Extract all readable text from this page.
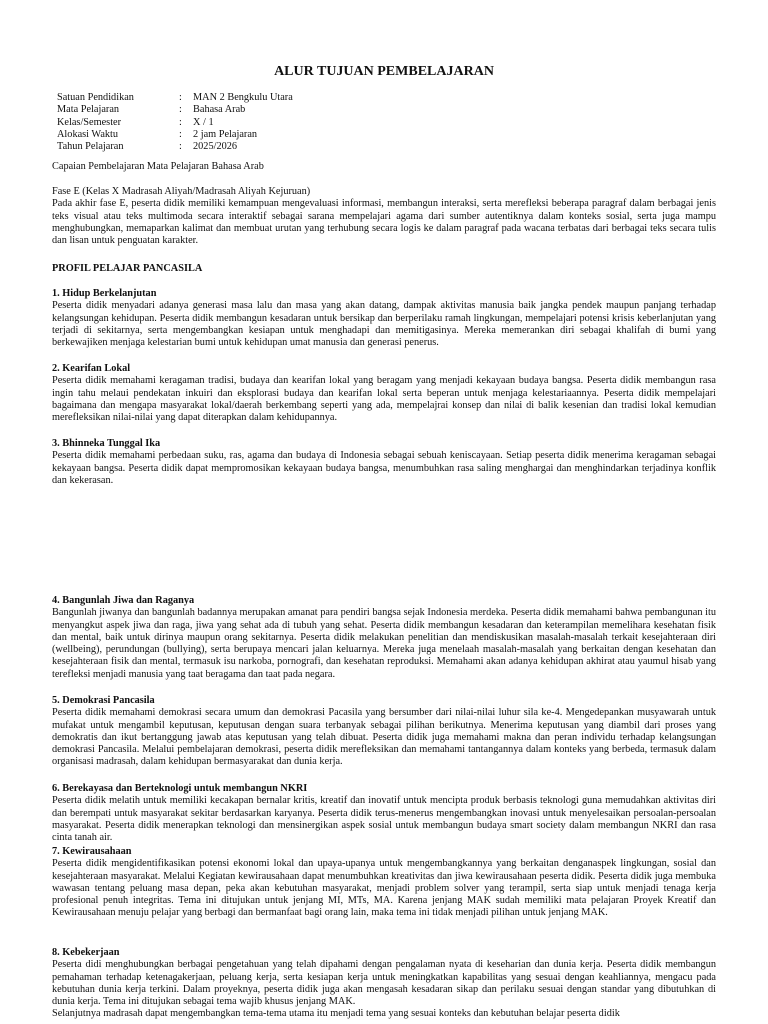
ALUR TUJUAN PEMBELAJARAN
Satuan Pendidikan	: MAN 2 Bengkulu Utara
Mata Pelajaran	: Bahasa Arab
Kelas/Semester	: X / 1
Alokasi Waktu	: 2 jam Pelajaran
Tahun Pelajaran	: 2025/2026
Capaian Pembelajaran Mata Pelajaran Bahasa Arab

Fase E (Kelas X Madrasah Aliyah/Madrasah Aliyah Kejuruan)

Pada akhir fase E, peserta didik memiliki kemampuan mengevaluasi informasi, membangun interaksi, serta merefleksi beberapa paragraf dalam berbagai jenis teks visual atau teks multimoda secara interaktif sebagai sarana mempelajari agama dari sumber autentiknya dalam konteks sosial, serta juga mampu menghubungkan, memaparkan kalimat dan membuat urutan yang terhubung secara logis ke dalam paragraf pada wacana terbatas dari berbagai teks secara tulis dan lisan untuk penguatan karakter.

PROFIL PELAJAR PANCASILA

1. Hidup Berkelanjutan

Peserta didik menyadari adanya generasi masa lalu dan masa yang akan datang, dampak aktivitas manusia baik jangka pendek maupun panjang terhadap kelangsungan kehidupan. Peserta didik membangun kesadaran untuk bersikap dan berperilaku ramah lingkungan, mempelajari potensi krisis keberlanjutan yang terjadi di sekitarnya, serta mengembangkan kesiapan untuk menghadapi dan memitigasinya. Mereka memerankan diri sebagai khalifah di bumi yang berkewajiken menjaga kelestarian bumi untuk kehidupan umat manusia dan generasi penerus.

2. Kearifan Lokal

Peserta didik memahami keragaman tradisi, budaya dan kearifan lokal yang beragam yang menjadi kekayaan budaya bangsa. Peserta didik membangun rasa ingin tahu melaui pendekatan inkuiri dan eksplorasi budaya dan kearifan lokal serta beperan untuk menjaga kelestariaannya. Peserta didik mempelajari bagaimana dan mengapa masyarakat lokal/daerah berkembang seperti yang ada, mempelajrai konsep dan nilai di balik kesenian dan tradisi lokal kemudian merefleksikan nilai-nilai yang dapat diterapkan dalam kehidupannya.

3. Bhinneka Tunggal Ika

Peserta didik memahami perbedaan suku, ras, agama dan budaya di Indonesia sebagai sebuah keniscayaan. Setiap peserta didik menerima keragaman sebagai kekayaan bangsa. Peserta didik dapat mempromosikan kekayaan budaya bangsa, menumbuhkan rasa saling menghargai dan menghindarkan terjadinya konflik dan kekerasan.

4. Bangunlah Jiwa dan Raganya

Bangunlah jiwanya dan bangunlah badannya merupakan amanat para pendiri bangsa sejak Indonesia merdeka. Peserta didik memahami bahwa pembangunan itu menyangkut aspek jiwa dan raga, jiwa yang sehat ada di tubuh yang sehat. Peserta didik membangun kesadaran dan keterampilan memelihara kesehatan fisik dan mental, baik untuk dirinya maupun orang sekitarnya. Peserta didik melakukan penelitian dan mendiskusikan masalah-masalah terkait kesejahteraan diri (wellbeing), perundungan (bullying), serta berupaya mencari jalan keluarnya. Mereka juga menelaah masalah-masalah yang berkaitan dengan kesehatan dan kesejahteraan fisik dan mental, termasuk isu narkoba, pornografi, dan kesehatan reproduksi. Memahami akan adanya kehidupan akhirat atau yaumul hisab yang terefleksi menjadi manusia yang taat beragama dan taat pada negara.

5. Demokrasi Pancasila

Peserta didik memahami demokrasi secara umum dan demokrasi Pacasila yang bersumber dari nilai-nilai luhur sila ke-4. Mengedepankan musyawarah untuk mufakat untuk mengambil keputusan, keputusan dengan suara terbanyak sebagai pilihan berikutnya. Menerima keputusan yang diambil dari proses yang demokratis dan ikut bertanggung jawab atas keputusan yang telah dibuat. Peserta didik juga memahami makna dan peran individu terhadap kelangsungan demokrasi Pancasila. Melalui pembelajaran demokrasi, peserta didik merefleksikan dan memahami tantangannya dalam konteks yang berbeda, termasuk dalam organisasi madrasah, dalam kehidupan bermasyarakat dan dunia kerja.

6. Berekayasa dan Berteknologi untuk membangun NKRI

Peserta didik melatih untuk memiliki kecakapan bernalar kritis, kreatif dan inovatif untuk mencipta produk berbasis teknologi guna memudahkan aktivitas diri dan berempati untuk masyarakat sekitar berdasarkan karyanya. Peserta didik terus-menerus mengembangkan inovasi untuk menyelesaikan persoalan-persoalan masyarakat. Peserta didik menerapkan teknologi dan mensinergikan aspek sosial untuk membangun budaya smart society dalam membangun NKRI dan rasa cinta tanah air.

7. Kewirausahaan

Peserta didik mengidentifikasikan potensi ekonomi lokal dan upaya-upanya untuk mengembangkannya yang berkaitan denganaspek lingkungan, sosial dan kesejahteraan masyarakat. Melalui Kegiatan kewirausahaan dapat menumbuhkan kreativitas dan jiwa kewirausahaan peserta didik. Peserta didik juga membuka wawasan tentang peluang masa depan, peka akan kebutuhan masyarakat, menjadi problem solver yang terampil, serta siap untuk menjadi tenaga kerja profesional penuh integritas. Tema ini ditujukan untuk jenjang MI, MTs, MA. Karena jenjang MAK sudah memiliki mata pelajaran Proyek Kreatif dan Kewirausahaan menuju pelajar yang berbagi dan bermanfaat bagi orang lain, maka tema ini tidak menjadi pilihan untuk jenjang MAK.

8. Kebekerjaan

Peserta didi menghubungkan berbagai pengetahuan yang telah dipahami dengan pengalaman nyata di keseharian dan dunia kerja. Peserta didik membangun pemahaman terhadap ketenagakerjaan, peluang kerja, serta kesiapan kerja untuk meningkatkan kapabilitas yang sesuai dengan keahliannya, mengacu pada kebutuhan dunia kerja terkini. Dalam proyeknya, peserta didik juga akan mengasah kesadaran sikap dan perilaku sesuai dengan standar yang dibutuhkan di dunia kerja. Tema ini ditujukan sebagai tema wajib khusus jenjang MAK.

Selanjutnya madrasah dapat mengembangkan tema-tema utama itu menjadi tema yang sesuai konteks dan kebutuhan belajar peserta didik
